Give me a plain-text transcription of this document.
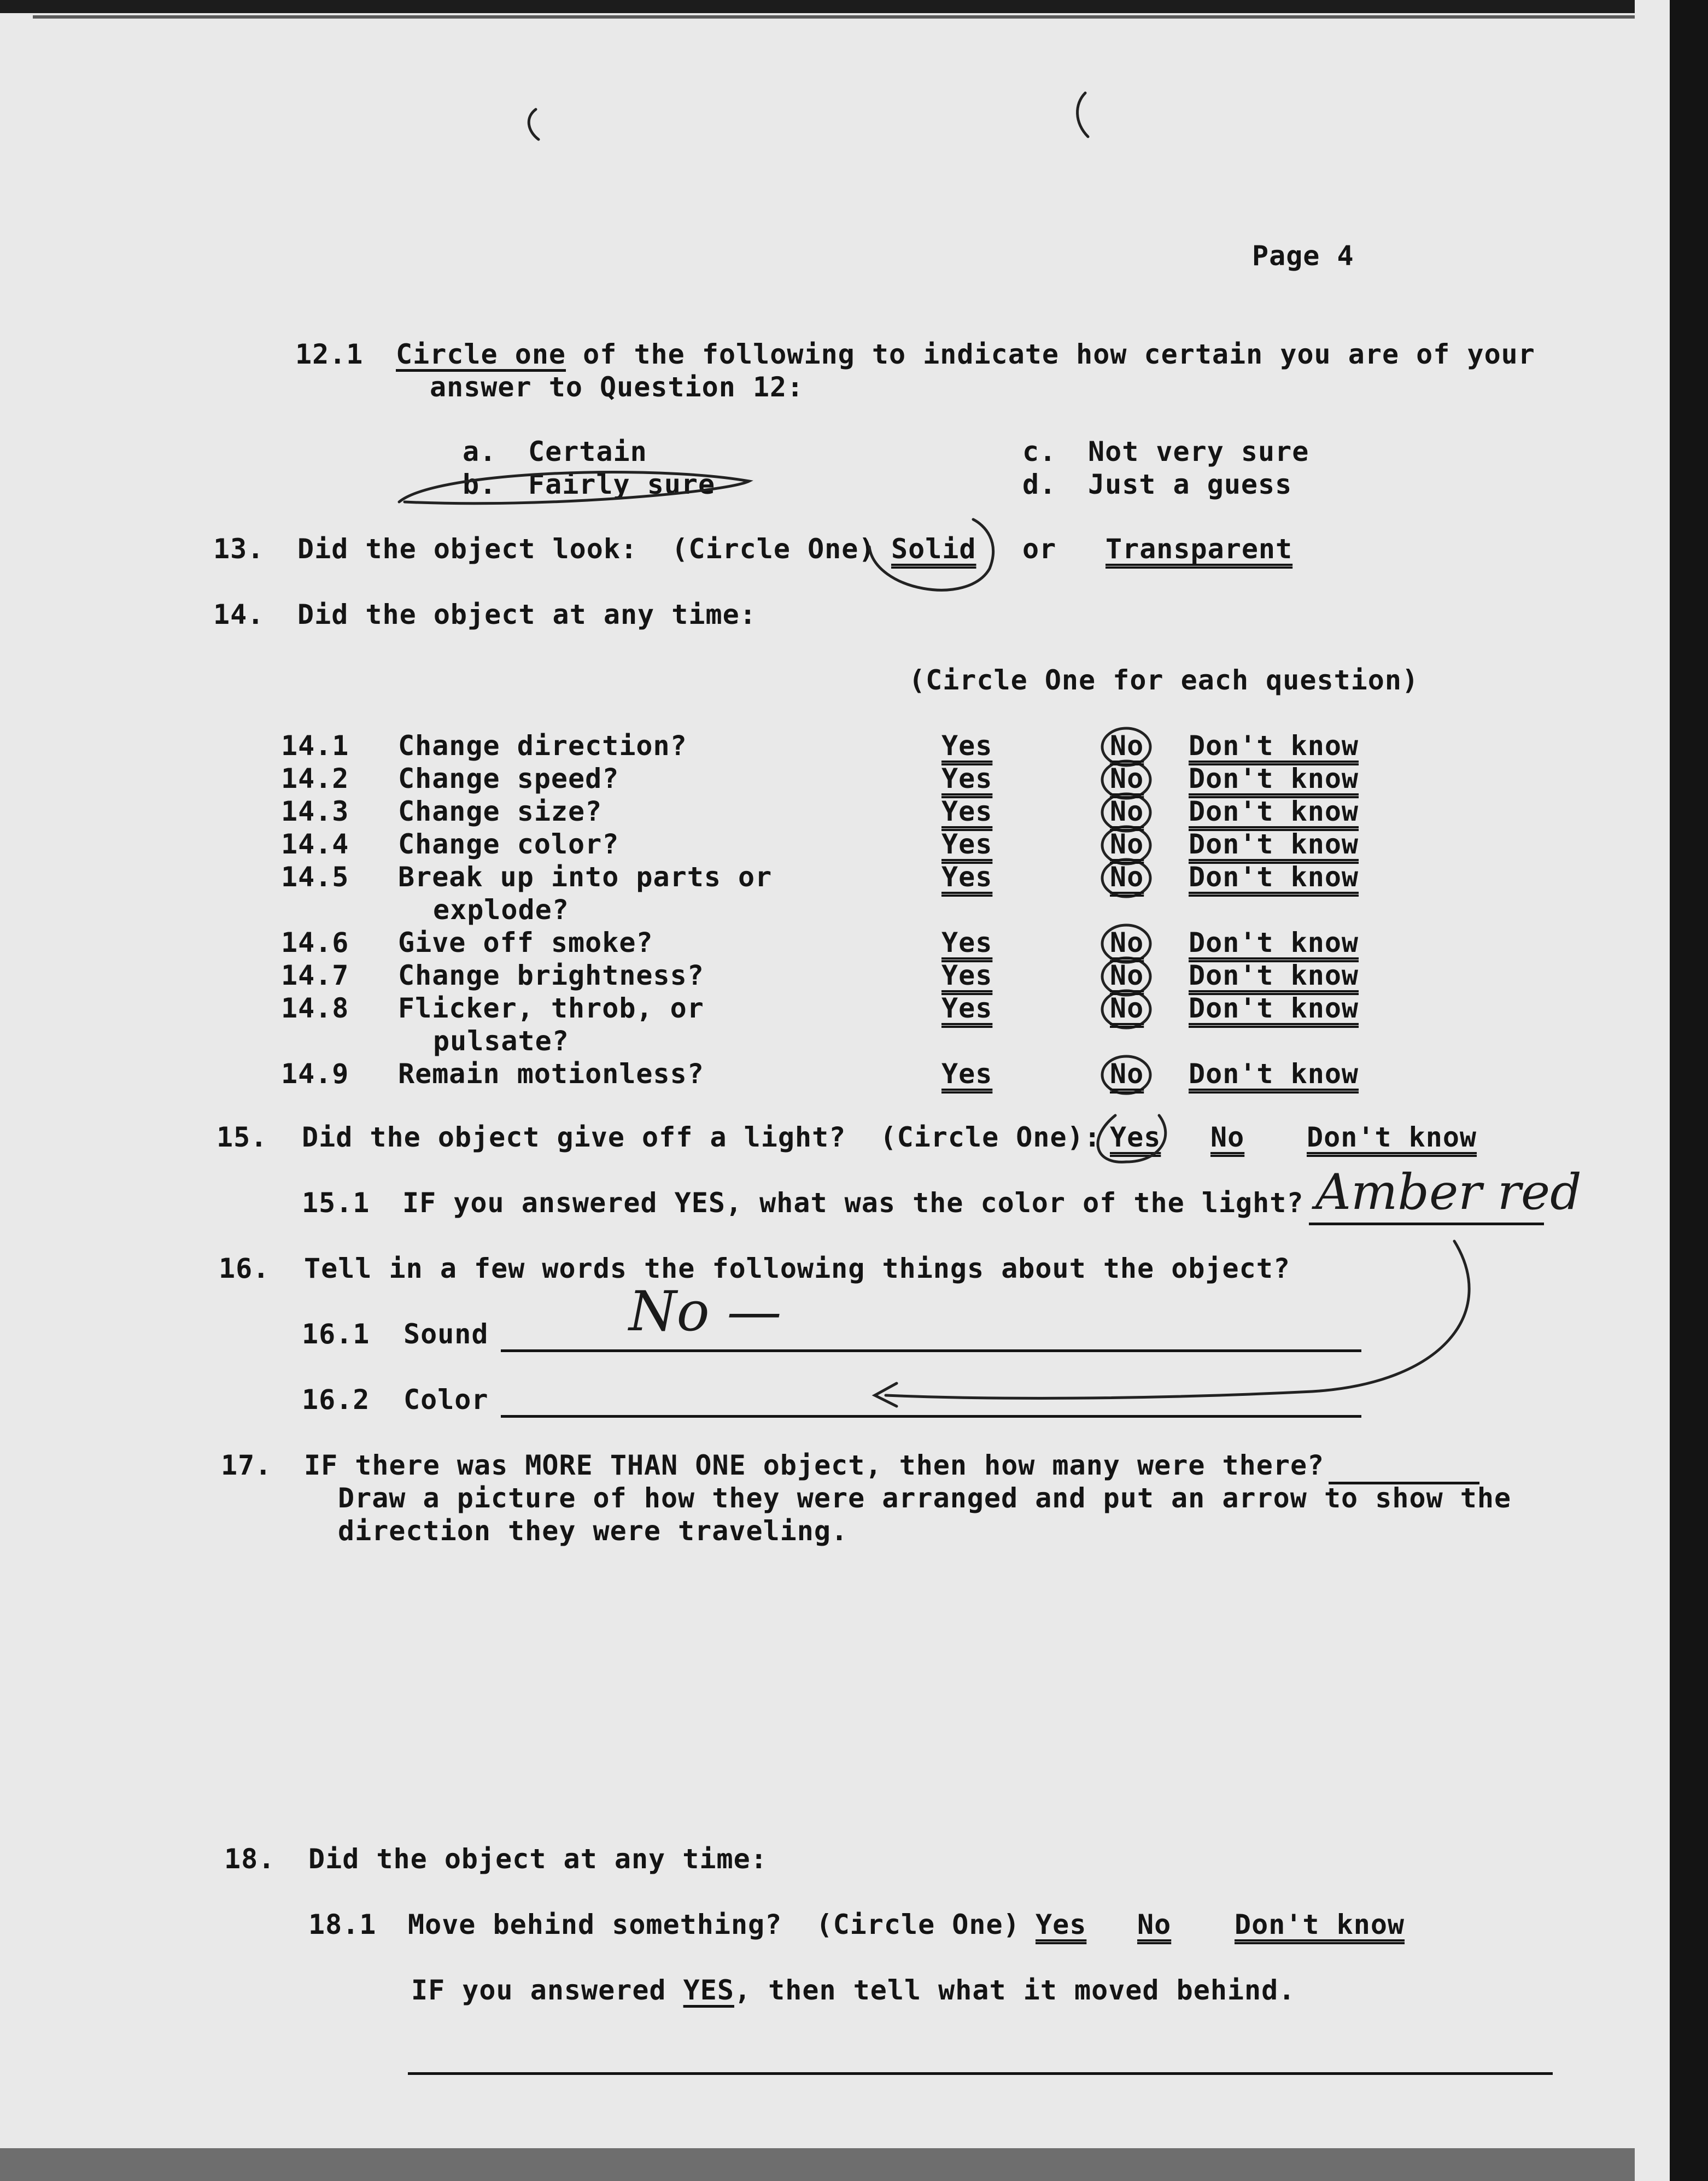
Page 4
12.1 Circle one of the following to indicate how certain you are of your
answer to Question 12:
a. Certain
b. Fairly sure
c. Not very sure
d. Just a guess
13. Did the object look:  (Circle One) Solid or Transparent
14. Did the object at any time:
(Circle One for each question)
15. Did the object give off a light?  (Circle One): Yes No Don't know
15.1 IF you answered YES, what was the color of the light? Amber red
16. Tell in a few words the following things about the object?
16.1 Sound	No —
16.2 Color
17. IF there was MORE THAN ONE object, then how many were there?
Draw a picture of how they were arranged and put an arrow to show the
direction they were traveling.
18. Did the object at any time:
18.1 Move behind something?  (Circle One) Yes No Don't know
IF you answered YES, then tell what it moved behind.
14.1 Change direction?	Yes	No Don't know
14.2 Change speed?	Yes	No Don't know
14.3 Change size?	Yes	No Don't know
14.4 Change color?	Yes	No Don't know
14.5 Break up into parts or
explode?
Yes	No Don't know
14.6 Give off smoke?	Yes	No Don't know
14.7 Change brightness?	Yes	No Don't know
14.8 Flicker, throb, or
pulsate?
Yes	No Don't know
14.9 Remain motionless?	Yes	No Don't know
